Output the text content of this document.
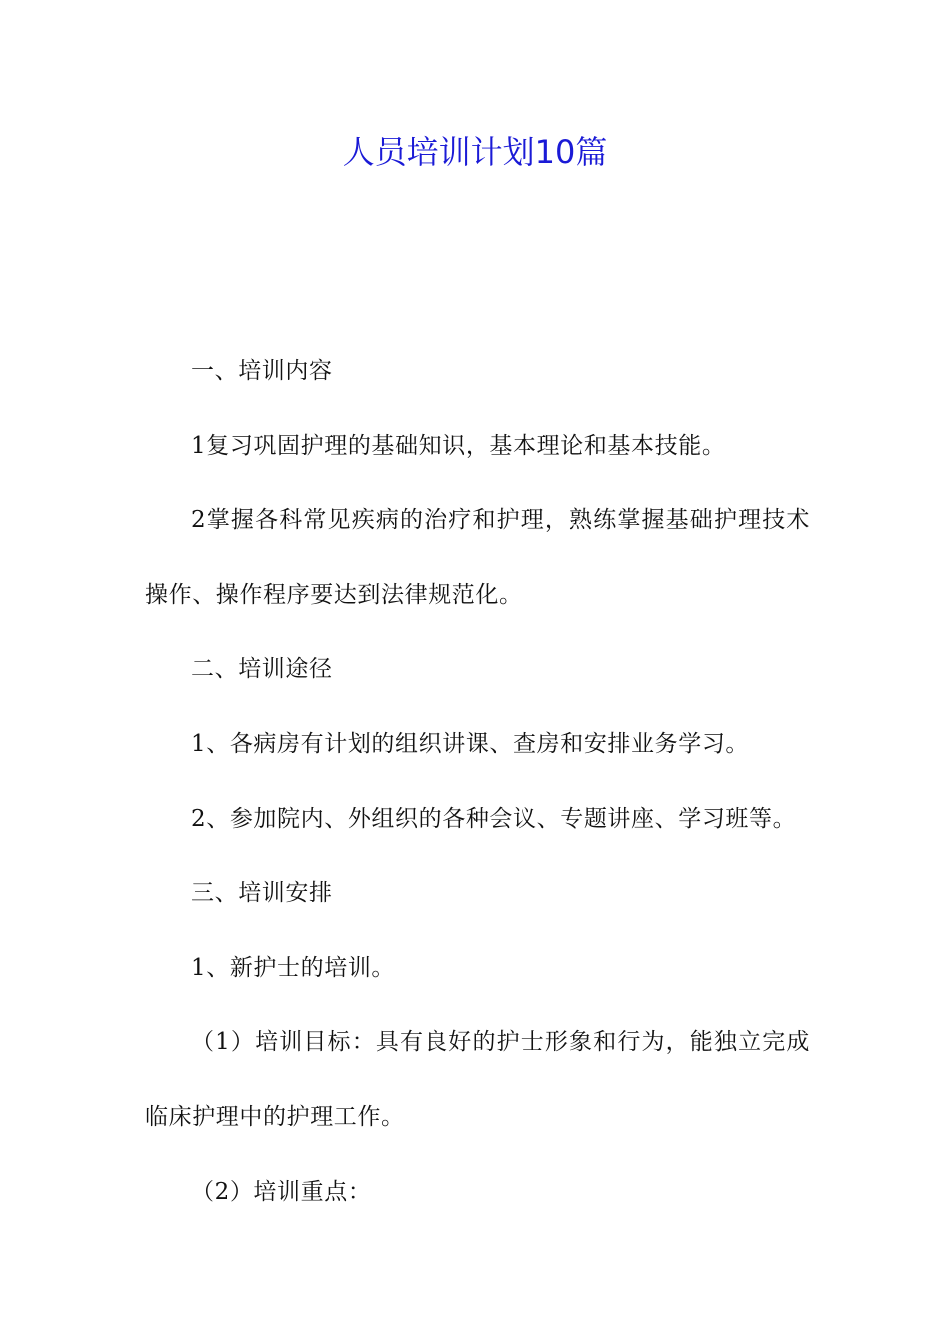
人员培训计划10篇

一、培训内容

1复习巩固护理的基础知识，基本理论和基本技能。

2掌握各科常见疾病的治疗和护理，熟练掌握基础护理技术操作、操作程序要达到法律规范化。

二、培训途径

1、各病房有计划的组织讲课、查房和安排业务学习。

2、参加院内、外组织的各种会议、专题讲座、学习班等。

三、培训安排

1、新护士的培训。

（1）培训目标：具有良好的护士形象和行为，能独立完成临床护理中的护理工作。

（2）培训重点：
